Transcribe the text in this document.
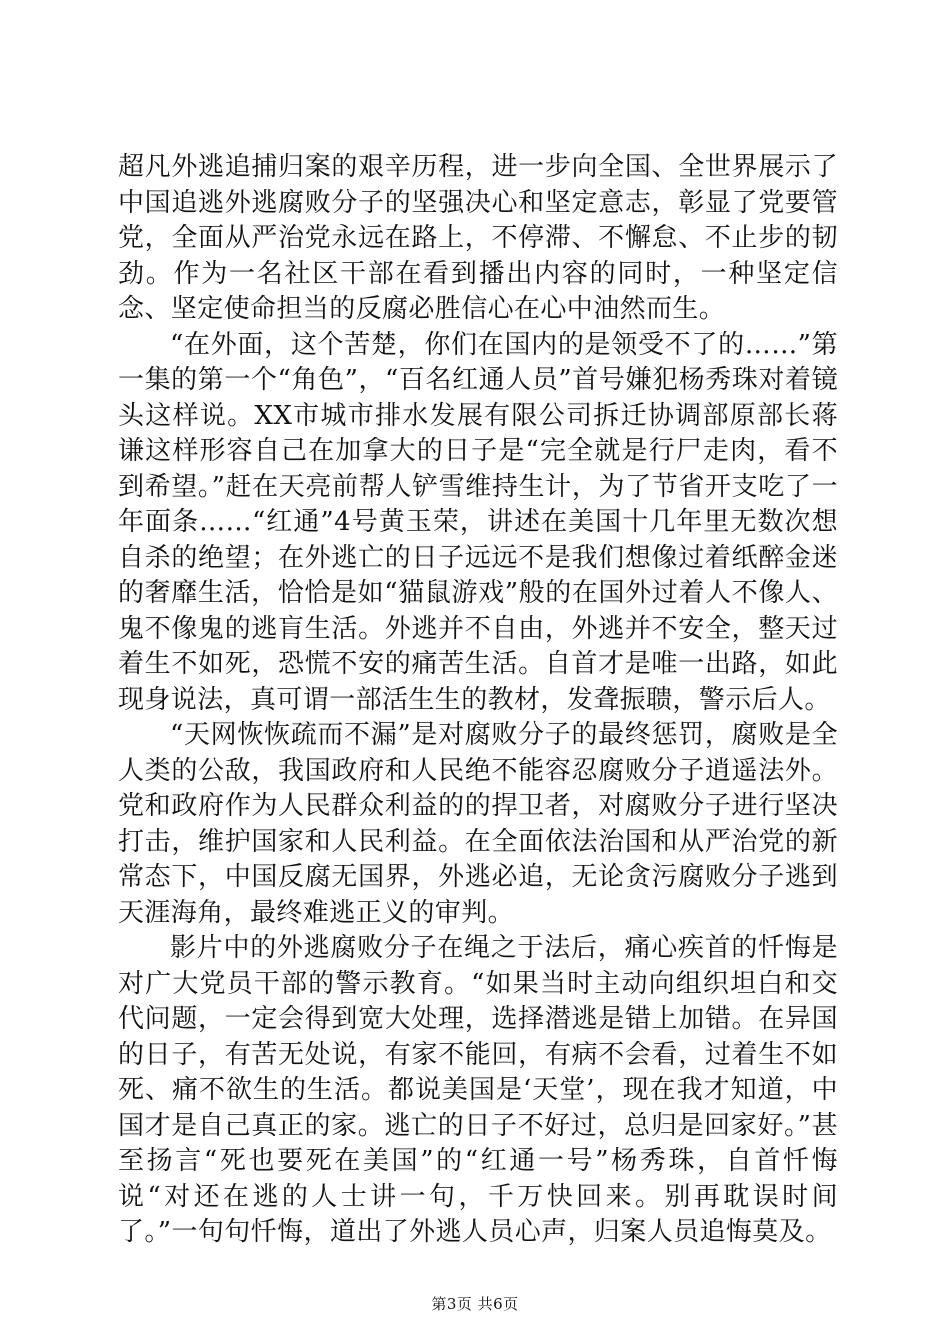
超凡外逃追捕归案的艰辛历程，进一步向全国、全世界展示了中国追逃外逃腐败分子的坚强决心和坚定意志，彰显了党要管党，全面从严治党永远在路上，不停滞、不懈怠、不止步的韧劲。作为一名社区干部在看到播出内容的同时，一种坚定信念、坚定使命担当的反腐必胜信心在心中油然而生。

“在外面，这个苦楚，你们在国内的是领受不了的……”第一集的第一个“角色”，“百名红通人员”首号嫌犯杨秀珠对着镜头这样说。XX市城市排水发展有限公司拆迁协调部原部长蒋谦这样形容自己在加拿大的日子是“完全就是行尸走肉，看不到希望。”赶在天亮前帮人铲雪维持生计，为了节省开支吃了一年面条……“红通”4号黄玉荣，讲述在美国十几年里无数次想自杀的绝望；在外逃亡的日子远远不是我们想像过着纸醉金迷的奢靡生活，恰恰是如“猫鼠游戏”般的在国外过着人不像人、鬼不像鬼的逃肓生活。外逃并不自由，外逃并不安全，整天过着生不如死，恐慌不安的痛苦生活。自首才是唯一出路，如此现身说法，真可谓一部活生生的教材，发聋振聩，警示后人。

“天网恢恢疏而不漏”是对腐败分子的最终惩罚，腐败是全人类的公敌，我国政府和人民绝不能容忍腐败分子逍遥法外。党和政府作为人民群众利益的的捍卫者，对腐败分子进行坚决打击，维护国家和人民利益。在全面依法治国和从严治党的新常态下，中国反腐无国界，外逃必追，无论贪污腐败分子逃到天涯海角，最终难逃正义的审判。

影片中的外逃腐败分子在绳之于法后，痛心疾首的忏悔是对广大党员干部的警示教育。“如果当时主动向组织坦白和交代问题，一定会得到宽大处理，选择潜逃是错上加错。在异国的日子，有苦无处说，有家不能回，有病不会看，过着生不如死、痛不欲生的生活。都说美国是‘天堂’，现在我才知道，中国才是自己真正的家。逃亡的日子不好过，总归是回家好。”甚至扬言“死也要死在美国”的“红通一号”杨秀珠，自首忏悔说“对还在逃的人士讲一句，千万快回来。别再耽误时间了。”一句句忏悔，道出了外逃人员心声，归案人员追悔莫及。

第3页 共6页
